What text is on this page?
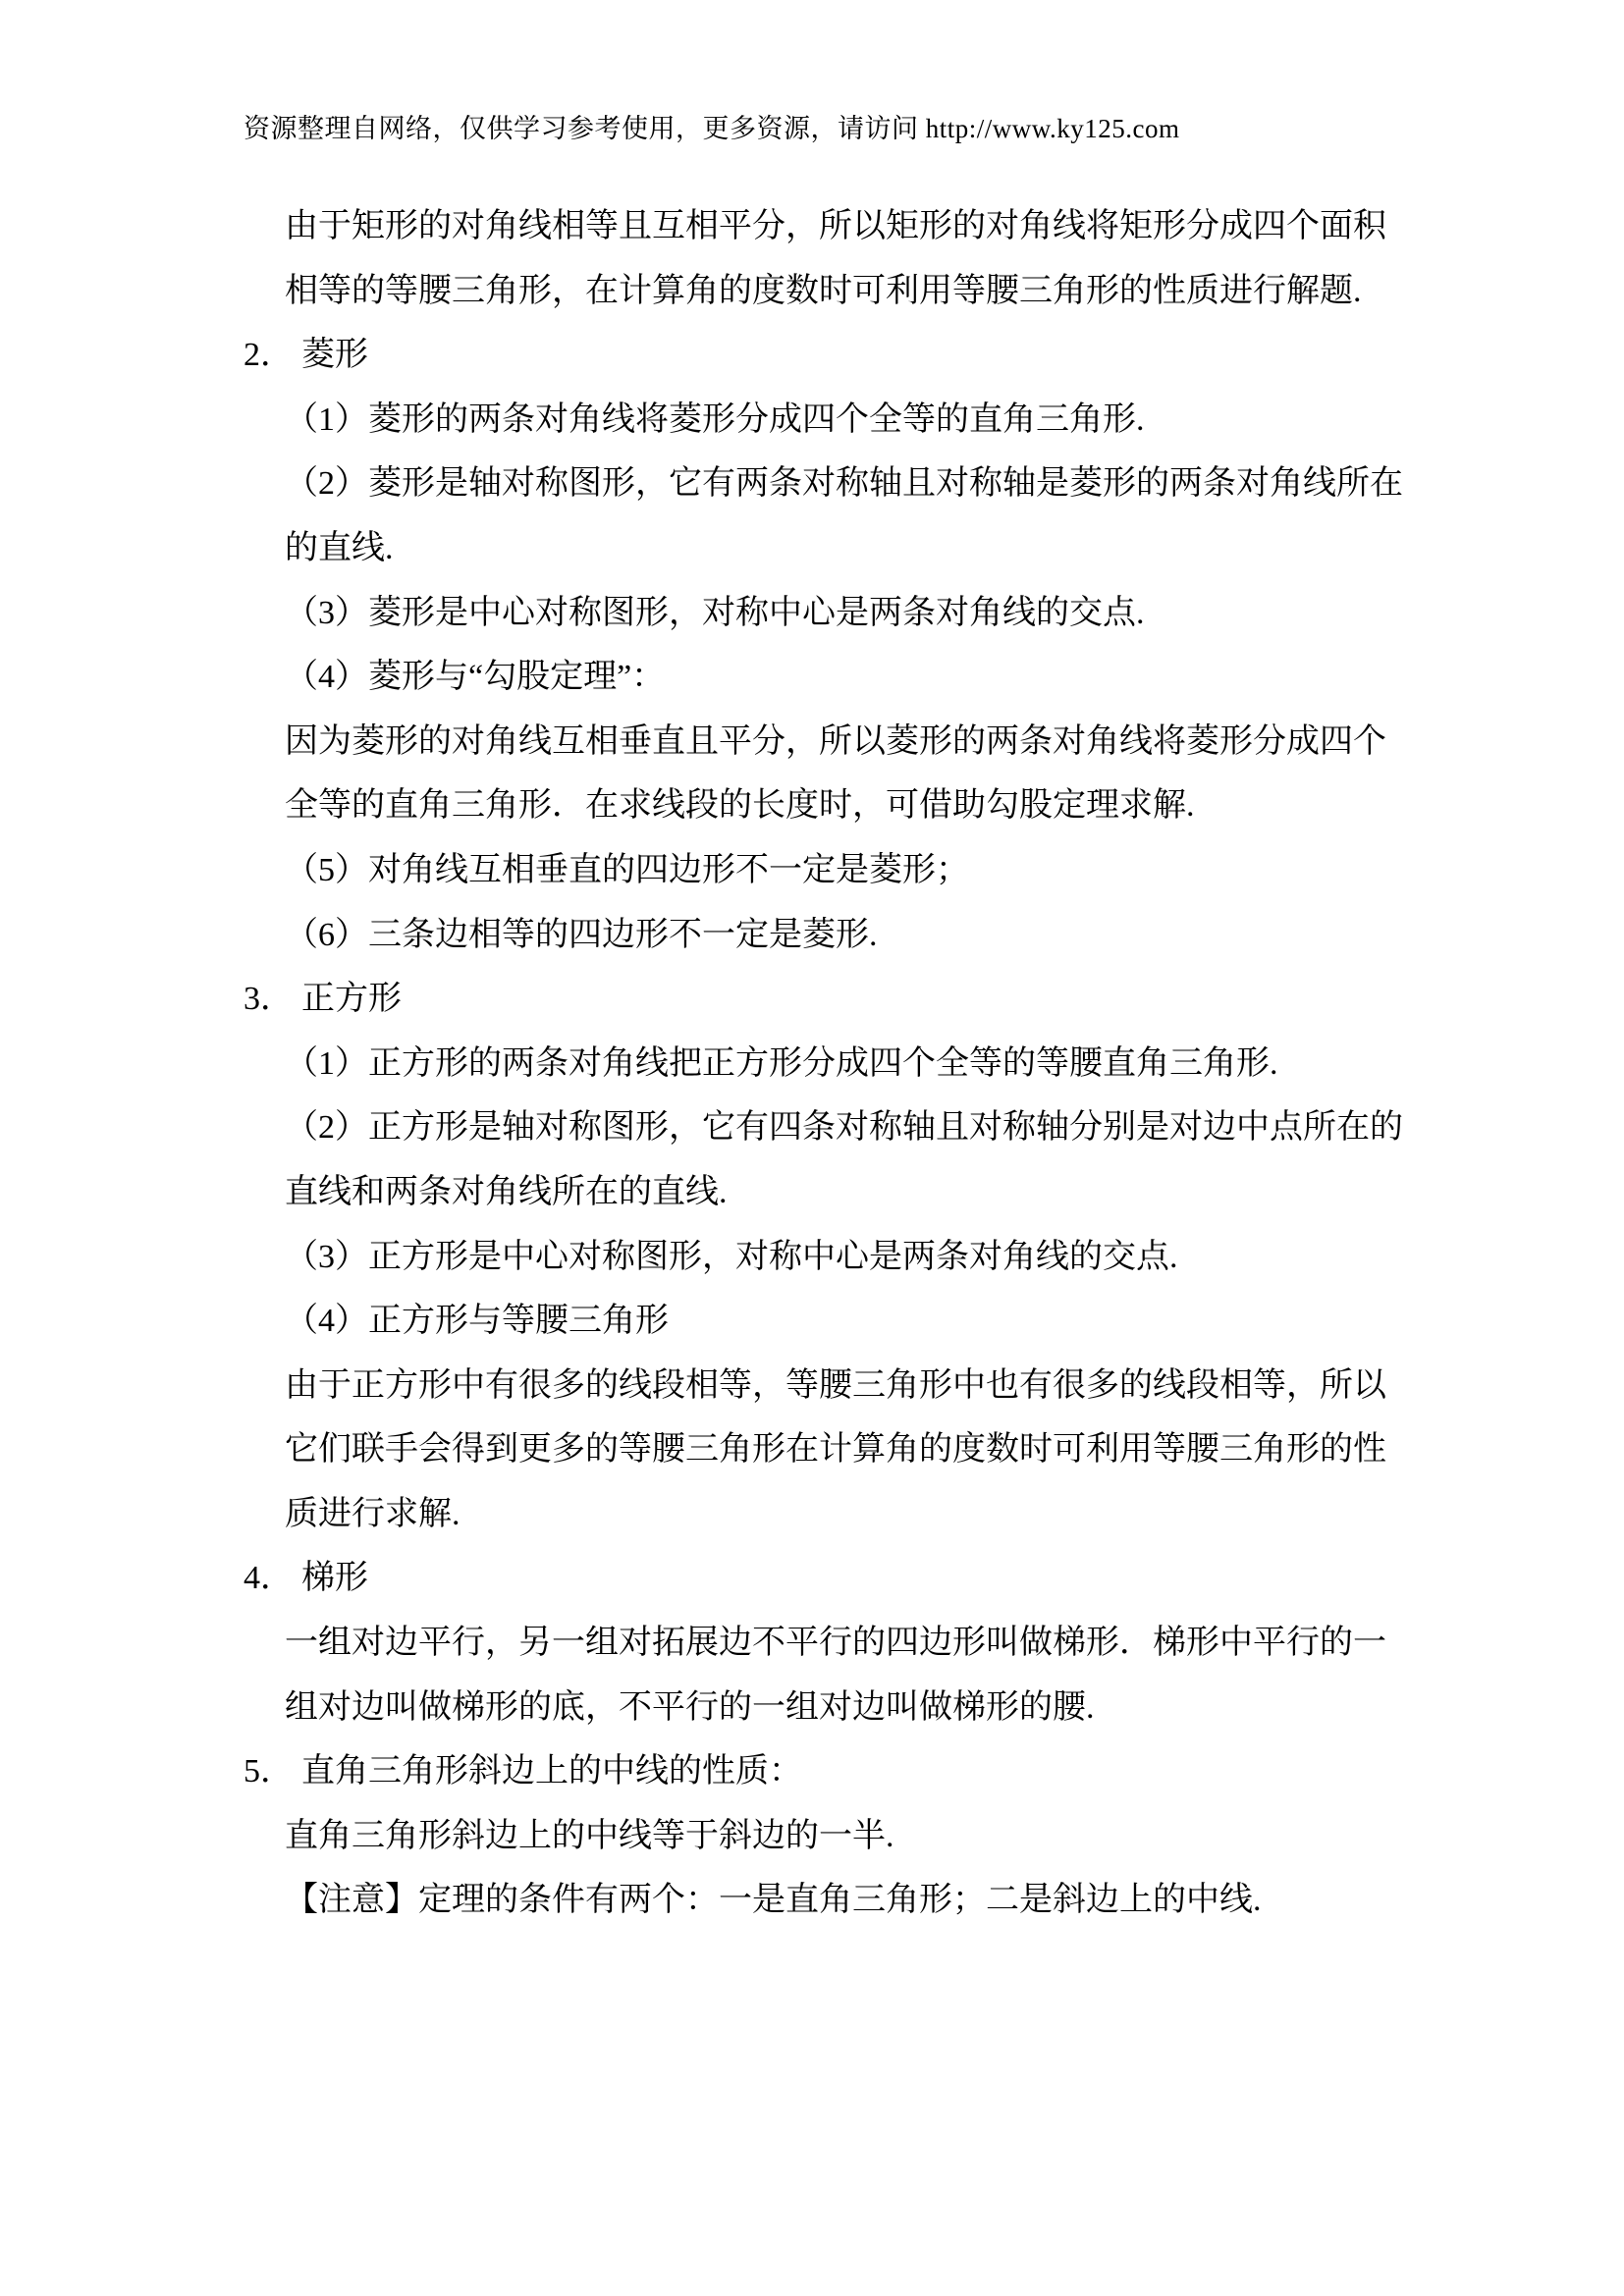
资源整理自网络，仅供学习参考使用，更多资源，请访问 http://www.ky125.com
由于矩形的对角线相等且互相平分，所以矩形的对角线将矩形分成四个面积
相等的等腰三角形，在计算角的度数时可利用等腰三角形的性质进行解题.
2． 菱形
（1）菱形的两条对角线将菱形分成四个全等的直角三角形.
（2）菱形是轴对称图形，它有两条对称轴且对称轴是菱形的两条对角线所在
的直线.
（3）菱形是中心对称图形，对称中心是两条对角线的交点.
（4）菱形与“勾股定理”：
因为菱形的对角线互相垂直且平分，所以菱形的两条对角线将菱形分成四个
全等的直角三角形．在求线段的长度时，可借助勾股定理求解.
（5）对角线互相垂直的四边形不一定是菱形；
（6）三条边相等的四边形不一定是菱形.
3． 正方形
（1）正方形的两条对角线把正方形分成四个全等的等腰直角三角形.
（2）正方形是轴对称图形，它有四条对称轴且对称轴分别是对边中点所在的
直线和两条对角线所在的直线.
（3）正方形是中心对称图形，对称中心是两条对角线的交点.
（4）正方形与等腰三角形
由于正方形中有很多的线段相等，等腰三角形中也有很多的线段相等，所以
它们联手会得到更多的等腰三角形在计算角的度数时可利用等腰三角形的性
质进行求解.
4． 梯形
一组对边平行，另一组对拓展边不平行的四边形叫做梯形．梯形中平行的一
组对边叫做梯形的底，不平行的一组对边叫做梯形的腰.
5． 直角三角形斜边上的中线的性质：
直角三角形斜边上的中线等于斜边的一半.
【注意】定理的条件有两个：一是直角三角形；二是斜边上的中线.
